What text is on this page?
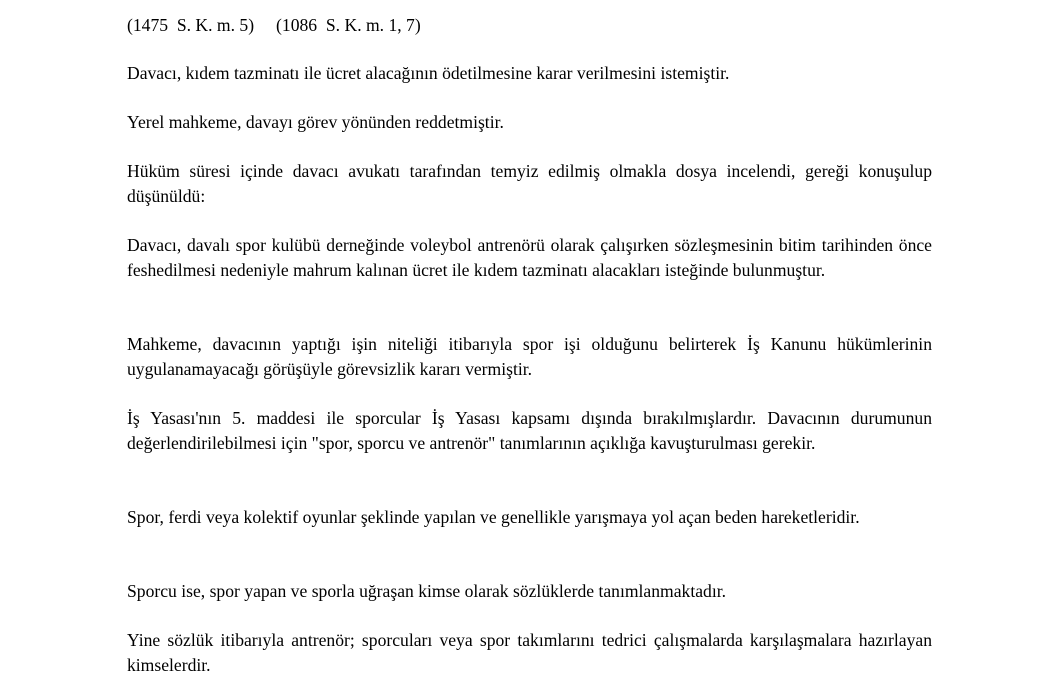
(1475  S. K. m. 5)     (1086  S. K. m. 1, 7)

Davacı, kıdem tazminatı ile ücret alacağının ödetilmesine karar verilmesini istemiştir.

Yerel mahkeme, davayı görev yönünden reddetmiştir.

Hüküm süresi içinde davacı avukatı tarafından temyiz edilmiş olmakla dosya incelendi, gereği konuşulup düşünüldü:

Davacı, davalı spor kulübü derneğinde voleybol antrenörü olarak çalışırken sözleşmesinin bitim tarihinden önce feshedilmesi nedeniyle mahrum kalınan ücret ile kıdem tazminatı alacakları isteğinde bulunmuştur.

Mahkeme, davacının yaptığı işin niteliği itibarıyla spor işi olduğunu belirterek İş Kanunu hükümlerinin uygulanamayacağı görüşüyle görevsizlik kararı vermiştir.

İş Yasası'nın 5. maddesi ile sporcular İş Yasası kapsamı dışında bırakılmışlardır. Davacının durumunun değerlendirilebilmesi için "spor, sporcu ve antrenör" tanımlarının açıklığa kavuşturulması gerekir.

Spor, ferdi veya kolektif oyunlar şeklinde yapılan ve genellikle yarışmaya yol açan beden hareketleridir.

Sporcu ise, spor yapan ve sporla uğraşan kimse olarak sözlüklerde tanımlanmaktadır.

Yine sözlük itibarıyla antrenör; sporcuları veya spor takımlarını tedrici çalışmalarda karşılaşmalara hazırlayan kimselerdir.
